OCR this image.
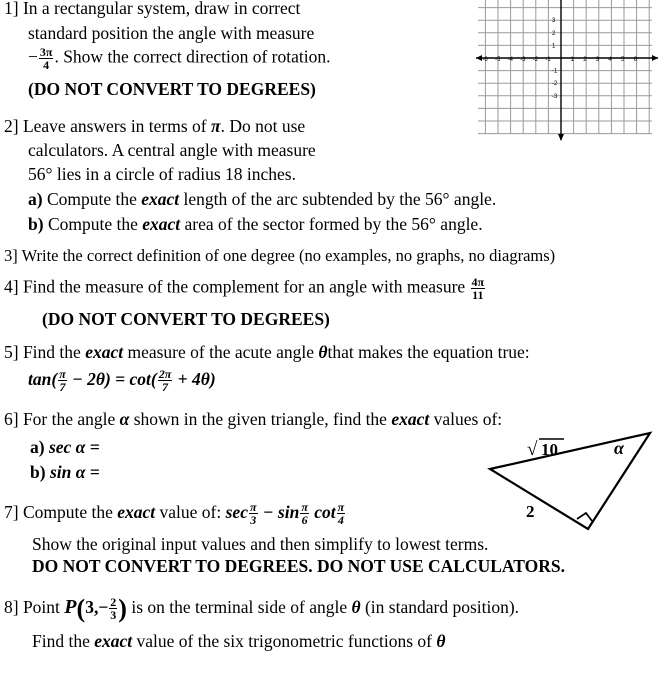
1] In a rectangular system, draw in correct
standard position the angle with measure
− $\frac{3\pi}{4}$ . Show the correct direction of rotation.
(DO NOT CONVERT TO DEGREES)
-6 -5 -4 -3 -2 -1	1 2 3 4 5 6
3
2
1
-1
-2
-3
2] Leave answers in terms of π. Do not use
calculators. A central angle with measure
56° lies in a circle of radius 18 inches.
a) Compute the exact length of the arc subtended by the 56° angle.
b) Compute the exact area of the sector formed by the 56° angle.
3] Write the correct definition of one degree (no examples, no graphs, no diagrams)
4] Find the measure of the complement for an angle with measure $\frac{4\pi}{11}$
(DO NOT CONVERT TO DEGREES)
5] Find the exact measure of the acute angle θthat makes the equation true:
$\tan( \frac{\pi}{7} - 2\theta) = \cot( \frac{2\pi}{7} + 4\theta)$
6] For the angle α shown in the given triangle, find the exact values of:
a) sec α =
b) sin α =
√ 10	α
2
7] Compute the exact value of: $\sec \frac{\pi}{3} - \sin \frac{\pi}{6}$ $\cot \frac{\pi}{4}$
Show the original input values and then simplify to lowest terms.
DO NOT CONVERT TO DEGREES. DO NOT USE CALCULATORS.
8] Point $P(3,- \frac{2}{3}$ ) is on the terminal side of angle θ (in standard position).
Find the exact value of the six trigonometric functions of θ
